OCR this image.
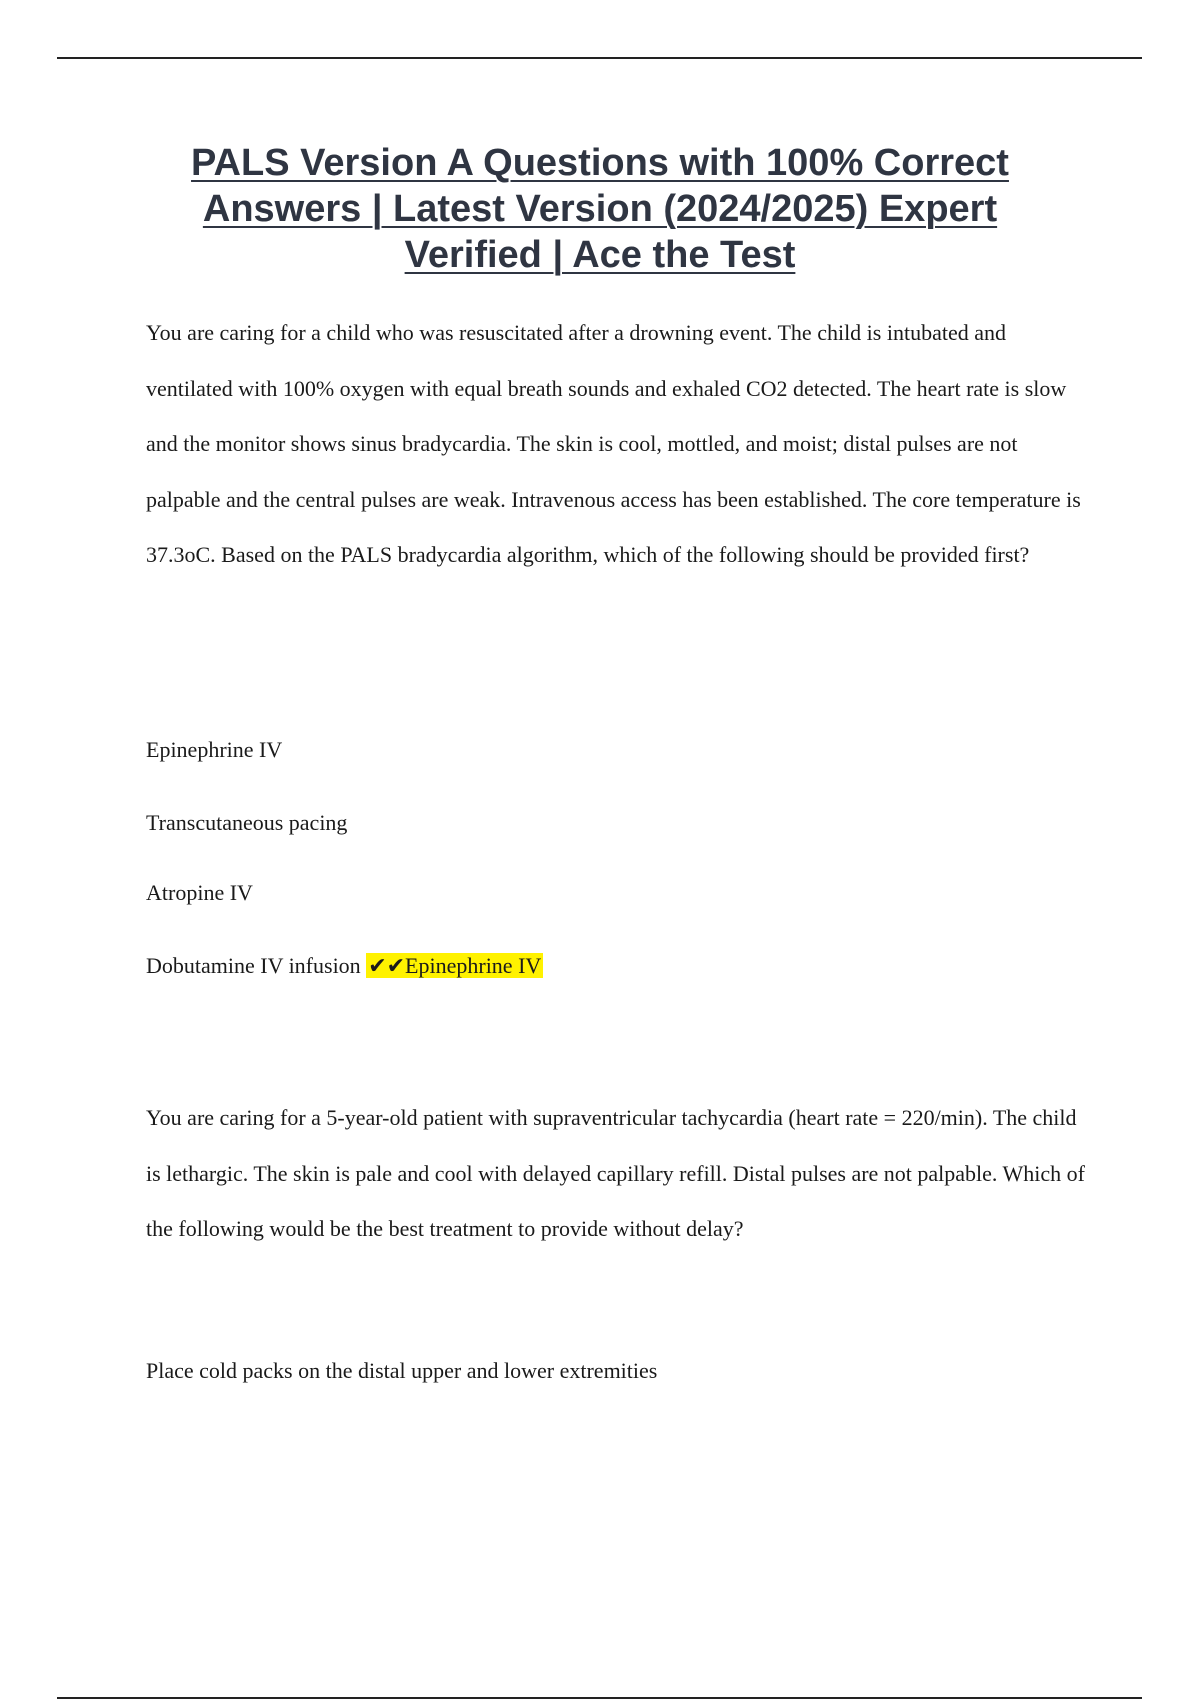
PALS Version A Questions with 100% Correct
Answers | Latest Version (2024/2025) Expert
Verified | Ace the Test

You are caring for a child who was resuscitated after a drowning event. The child is intubated and ventilated with 100% oxygen with equal breath sounds and exhaled CO2 detected. The heart rate is slow and the monitor shows sinus bradycardia. The skin is cool, mottled, and moist; distal pulses are not palpable and the central pulses are weak. Intravenous access has been established. The core temperature is 37.3oC. Based on the PALS bradycardia algorithm, which of the following should be provided first?

Epinephrine IV

Transcutaneous pacing

Atropine IV

Dobutamine IV infusion ✔✔Epinephrine IV

You are caring for a 5-year-old patient with supraventricular tachycardia (heart rate = 220/min). The child is lethargic. The skin is pale and cool with delayed capillary refill. Distal pulses are not palpable. Which of the following would be the best treatment to provide without delay?

Place cold packs on the distal upper and lower extremities
